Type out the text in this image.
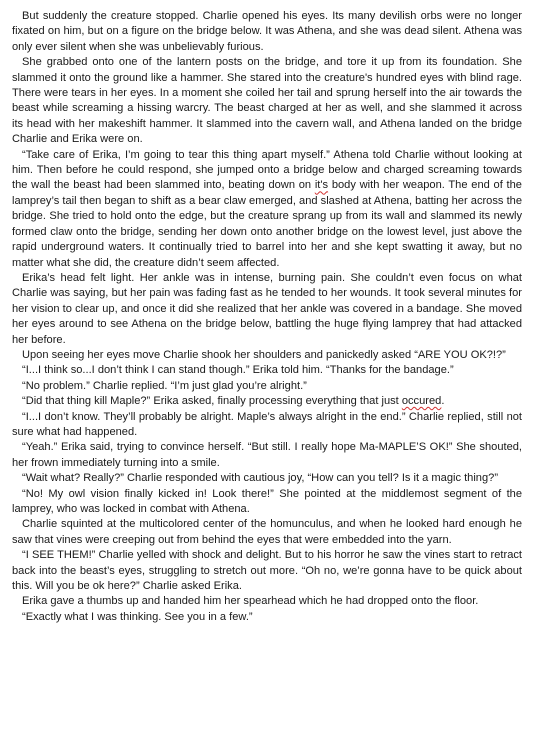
But suddenly the creature stopped. Charlie opened his eyes. Its many devilish orbs were no longer fixated on him, but on a figure on the bridge below. It was Athena, and she was dead silent. Athena was only ever silent when she was unbelievably furious.

She grabbed onto one of the lantern posts on the bridge, and tore it up from its foundation. She slammed it onto the ground like a hammer. She stared into the creature's hundred eyes with blind rage. There were tears in her eyes. In a moment she coiled her tail and sprung herself into the air towards the beast while screaming a hissing warcry. The beast charged at her as well, and she slammed it across its head with her makeshift hammer. It slammed into the cavern wall, and Athena landed on the bridge Charlie and Erika were on.

“Take care of Erika, I’m going to tear this thing apart myself.” Athena told Charlie without looking at him. Then before he could respond, she jumped onto a bridge below and charged screaming towards the wall the beast had been slammed into, beating down on it's body with her weapon. The end of the lamprey’s tail then began to shift as a bear claw emerged, and slashed at Athena, batting her across the bridge. She tried to hold onto the edge, but the creature sprang up from its wall and slammed its newly formed claw onto the bridge, sending her down onto another bridge on the lowest level, just above the rapid underground waters. It continually tried to barrel into her and she kept swatting it away, but no matter what she did, the creature didn’t seem affected.

Erika’s head felt light. Her ankle was in intense, burning pain. She couldn’t even focus on what Charlie was saying, but her pain was fading fast as he tended to her wounds. It took several minutes for her vision to clear up, and once it did she realized that her ankle was covered in a bandage. She moved her eyes around to see Athena on the bridge below, battling the huge flying lamprey that had attacked her before.

Upon seeing her eyes move Charlie shook her shoulders and panickedly asked “ARE YOU OK?!?”

“I...I think so...I don’t think I can stand though.” Erika told him. “Thanks for the bandage.”

“No problem.” Charlie replied. “I’m just glad you’re alright.”

“Did that thing kill Maple?” Erika asked, finally processing everything that just occured.

“I...I don’t know. They’ll probably be alright. Maple’s always alright in the end.” Charlie replied, still not sure what had happened.

“Yeah.” Erika said, trying to convince herself. “But still. I really hope Ma-MAPLE’S OK!” She shouted, her frown immediately turning into a smile.

“Wait what? Really?” Charlie responded with cautious joy, “How can you tell? Is it a magic thing?”

“No! My owl vision finally kicked in! Look there!” She pointed at the middlemost segment of the lamprey, who was locked in combat with Athena.

Charlie squinted at the multicolored center of the homunculus, and when he looked hard enough he saw that vines were creeping out from behind the eyes that were embedded into the yarn.

“I SEE THEM!” Charlie yelled with shock and delight. But to his horror he saw the vines start to retract back into the beast’s eyes, struggling to stretch out more. “Oh no, we’re gonna have to be quick about this. Will you be ok here?” Charlie asked Erika.

Erika gave a thumbs up and handed him her spearhead which he had dropped onto the floor.

“Exactly what I was thinking. See you in a few.”
